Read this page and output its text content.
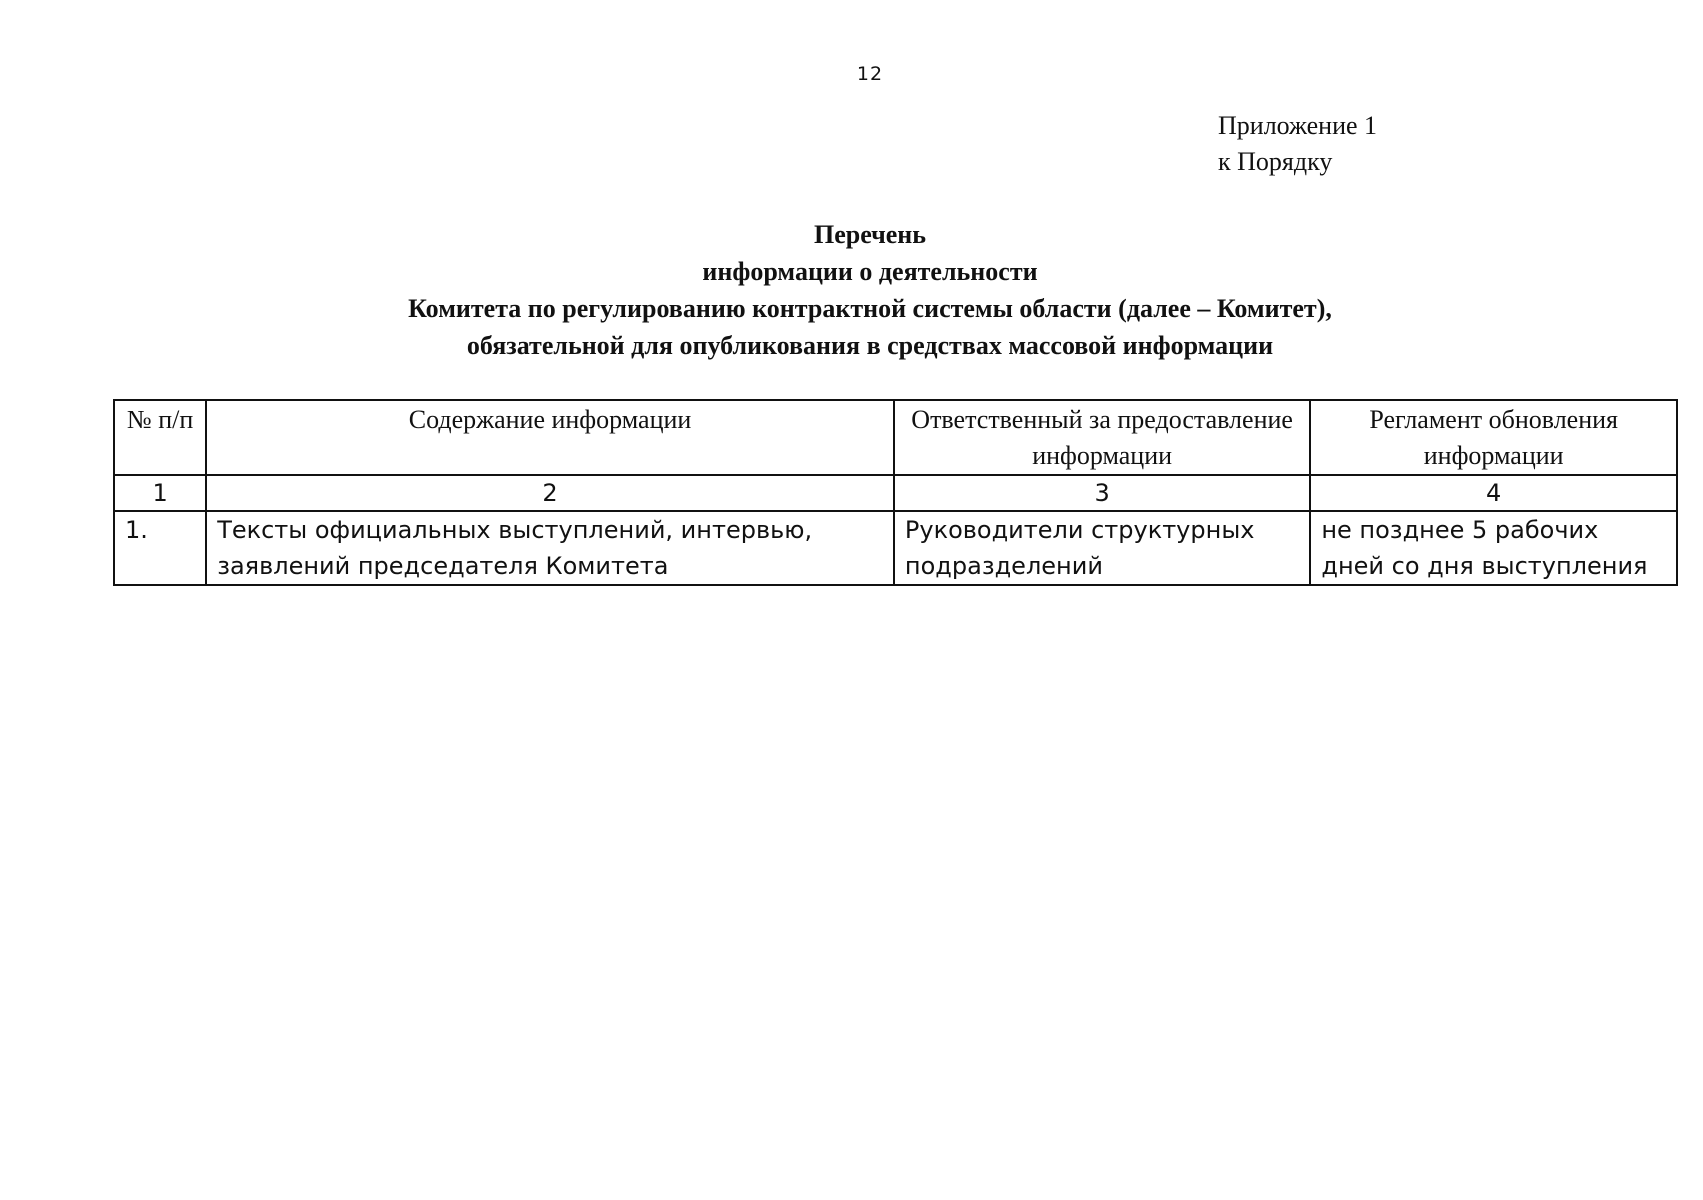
12
Приложение 1
к Порядку
Перечень
информации о деятельности
Комитета по регулированию контрактной системы области (далее – Комитет),
обязательной для опубликования в средствах массовой информации
№ п/п	Содержание информации	Ответственный за предоставление информации	Регламент обновления информации
1	2	3	4
1.	Тексты официальных выступлений, интервью, заявлений председателя Комитета	Руководители структурных подразделений	не позднее 5 рабочих дней со дня выступления
